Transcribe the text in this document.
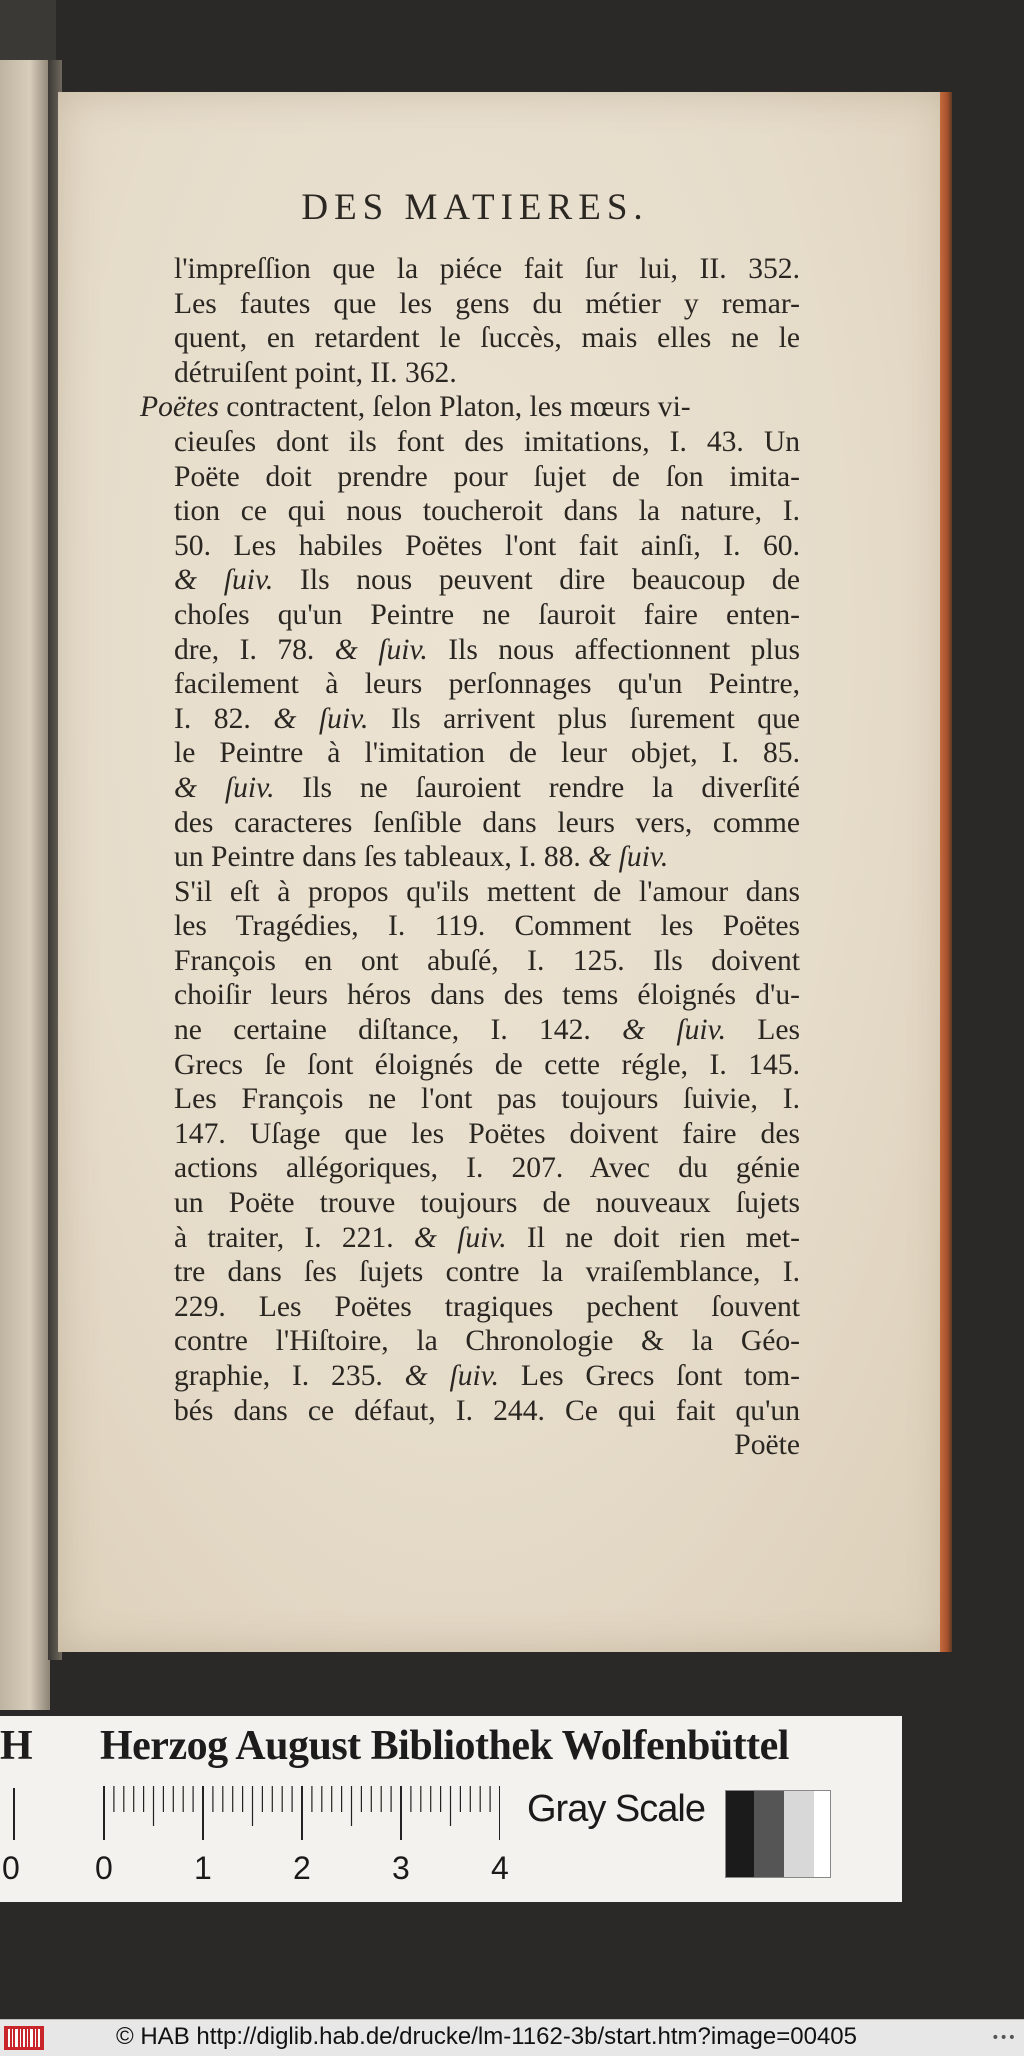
DES MATIERES.
l'impreſſion que la piéce fait ſur lui, II. 352.
Les fautes que les gens du métier y remar-
quent, en retardent le ſuccès, mais elles ne le
détruiſent point, II. 362.
Poëtes contractent, ſelon Platon, les mœurs vi-
cieuſes dont ils font des imitations, I. 43. Un
Poëte doit prendre pour ſujet de ſon imita-
tion ce qui nous toucheroit dans la nature, I.
50. Les habiles Poëtes l'ont fait ainſi, I. 60.
& ſuiv. Ils nous peuvent dire beaucoup de
choſes qu'un Peintre ne ſauroit faire enten-
dre, I. 78. & ſuiv. Ils nous affectionnent plus
facilement à leurs perſonnages qu'un Peintre,
I. 82. & ſuiv. Ils arrivent plus ſurement que
le Peintre à l'imitation de leur objet, I. 85.
& ſuiv. Ils ne ſauroient rendre la diverſité
des caracteres ſenſible dans leurs vers, comme
un Peintre dans ſes tableaux, I. 88. & ſuiv.
S'il eſt à propos qu'ils mettent de l'amour dans
les Tragédies, I. 119. Comment les Poëtes
François en ont abuſé, I. 125. Ils doivent
choiſir leurs héros dans des tems éloignés d'u-
ne certaine diſtance, I. 142. & ſuiv. Les
Grecs ſe ſont éloignés de cette régle, I. 145.
Les François ne l'ont pas toujours ſuivie, I.
147. Uſage que les Poëtes doivent faire des
actions allégoriques, I. 207. Avec du génie
un Poëte trouve toujours de nouveaux ſujets
à traiter, I. 221. & ſuiv. Il ne doit rien met-
tre dans ſes ſujets contre la vraiſemblance, I.
229. Les Poëtes tragiques pechent ſouvent
contre l'Hiſtoire, la Chronologie & la Géo-
graphie, I. 235. & ſuiv. Les Grecs ſont tom-
bés dans ce défaut, I. 244. Ce qui fait qu'un
Poëte
H Herzog August Bibliothek Wolfenbüttel
0 0	1	2	3	4
Gray Scale
© HAB http://diglib.hab.de/drucke/lm-1162-3b/start.htm?image=00405	•••
